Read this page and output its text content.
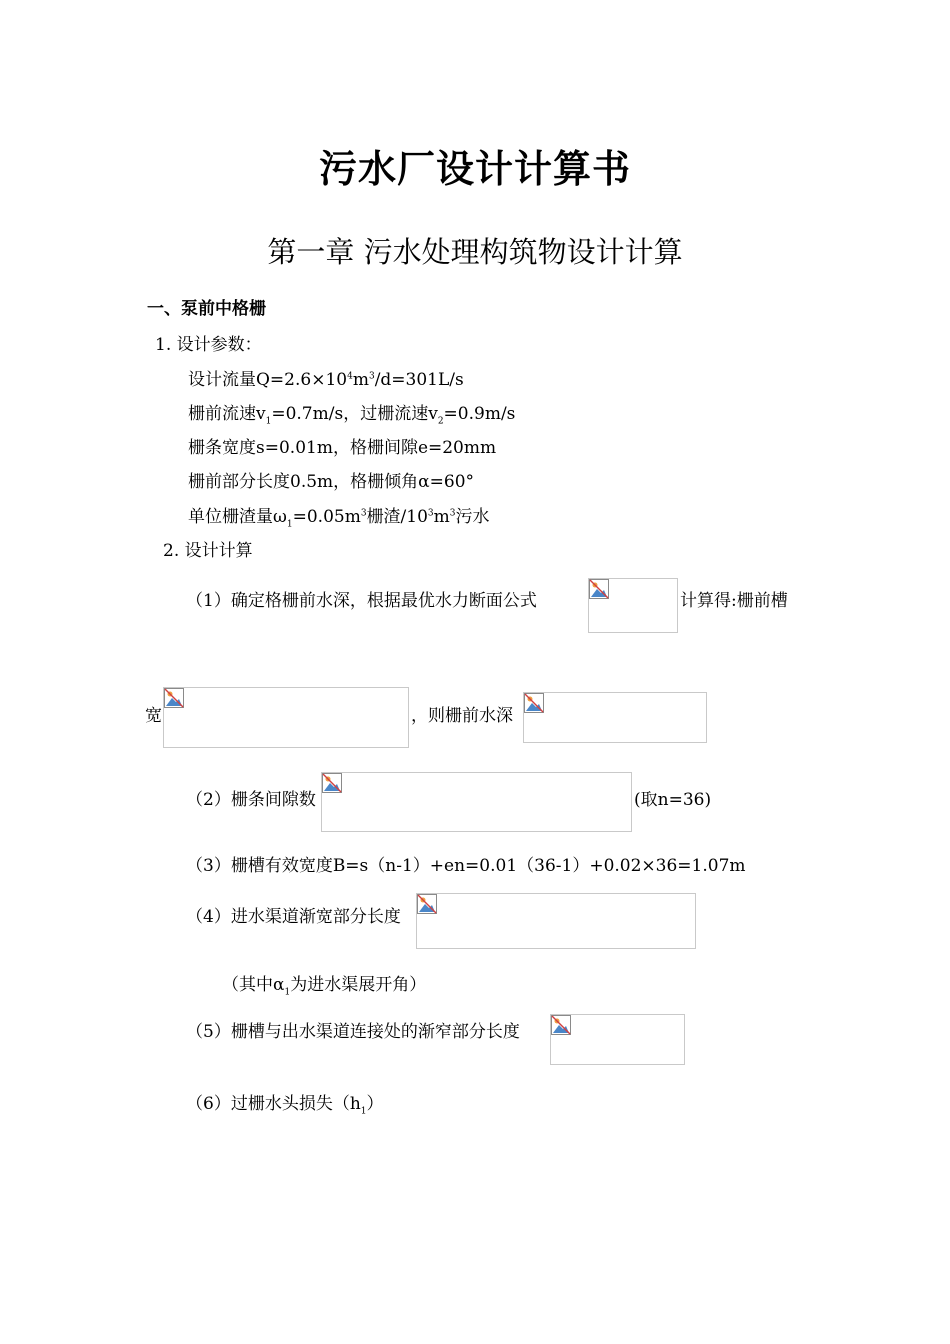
污水厂设计计算书
第一章 污水处理构筑物设计计算
一、泵前中格栅
1. 设计参数：
设计流量$Q=2.6\times 10^4m^3/d=301L/s$
栅前流速$v_1=0.7m/s$，过栅流速$v_2=0.9m/s$
栅条宽度s=0.01m，格栅间隙e=20mm
栅前部分长度0.5m，格栅倾角α=60°
单位栅渣量$\omega_1=0.05m^3$栅渣$/10^3m^3$污水
2. 设计计算
（1）确定格栅前水深，根据最优水力断面公式	计算得:栅前槽
宽	，则栅前水深
（2）栅条间隙数	(取n=36)
（3）栅槽有效宽度B=s（n-1）+en=0.01（36-1）+0.02×36=1.07m
（4）进水渠道渐宽部分长度
（其中$\alpha_1$为进水渠展开角）
（5）栅槽与出水渠道连接处的渐窄部分长度
（6）过栅水头损失$(h_1)$
